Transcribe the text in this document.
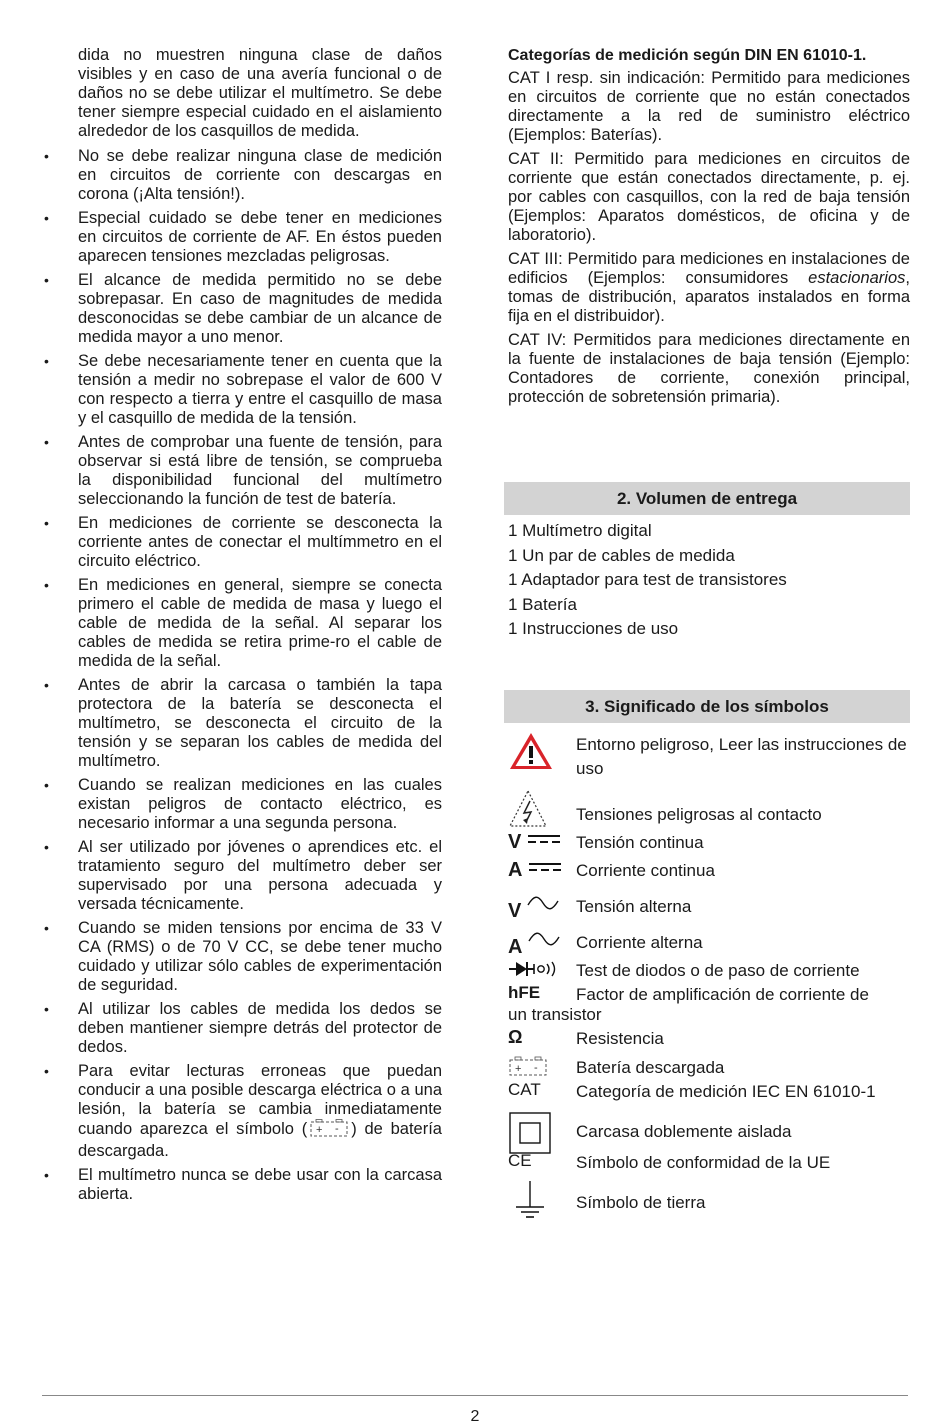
dida no muestren ninguna clase de daños visibles y en caso de una avería funcional o de daños no se debe utilizar el multímetro. Se debe tener siempre especial cuidado en el aislamiento alrededor de los casquillos de medida.

• No se debe realizar ninguna clase de medición en circuitos de corriente con descargas en corona (¡Alta tensión!).
• Especial cuidado se debe tener en mediciones en circuitos de corriente de AF. En éstos pueden aparecen tensiones mezcladas peligrosas.
• El alcance de medida permitido no se debe sobrepasar. En caso de magnitudes de medida desconocidas se debe cambiar de un alcance de medida mayor a uno menor.
• Se debe necesariamente tener en cuenta que la tensión a medir no sobrepase el valor de 600 V con respecto a tierra y entre el casquillo de masa y el casquillo de medida de la tensión.
• Antes de comprobar una fuente de tensión, para observar si está libre de tensión, se comprueba la disponibilidad funcional del multímetro seleccionando la función de test de batería.
• En mediciones de corriente se desconecta la corriente antes de conectar el multímmetro en el circuito eléctrico.
• En mediciones en general, siempre se conecta primero el cable de medida de masa y luego el cable de medida de la señal. Al separar los cables de medida se retira prime-ro el cable de medida de la señal.
• Antes de abrir la carcasa o también la tapa protectora de la batería se desconecta el multímetro, se desconecta el circuito de la tensión y se separan los cables de medida del multímetro.
• Cuando se realizan mediciones en las cuales existan peligros de contacto eléctrico, es necesario informar a una segunda persona.
• Al ser utilizado por jóvenes o aprendices etc. el tratamiento seguro del multímetro deber ser supervisado por una persona adecuada y versada técnicamente.
• Cuando se miden tensions por encima de 33 V CA (RMS) o de 70 V CC, se debe tener mucho cuidado y utilizar sólo cables de experimentación de seguridad.
• Al utilizar los cables de medida los dedos se deben mantiener siempre detrás del protector de dedos.
• Para evitar lecturas erroneas que puedan conducir a una posible descarga eléctrica o a una lesión, la batería se cambia inmediatamente cuando aparezca el símbolo ( + - ) de batería descargada.
• El multímetro nunca se debe usar con la carcasa abierta.
Categorías de medición según DIN EN 61010-1.

CAT I resp. sin indicación: Permitido para mediciones en circuitos de corriente que no están conectados directamente a la red de suministro eléctrico (Ejemplos: Baterías).

CAT II: Permitido para mediciones en circuitos de corriente que están conectados directamente, p. ej. por cables con casquillos, con la red de baja tensión (Ejemplos: Aparatos domésticos, de oficina y de laboratorio).

CAT III: Permitido para mediciones en instalaciones de edificios (Ejemplos: consumidores estacionarios, tomas de distribución, aparatos instalados en forma fija en el distribuidor).

CAT IV: Permitidos para mediciones directamente en la fuente de instalaciones de baja tensión (Ejemplo: Contadores de corriente, conexión principal, protección de sobretensión primaria).

2. Volumen de entrega
1 Multímetro digital
1 Un par de cables de medida
1 Adaptador para test de transistores
1 Batería
1 Instrucciones de uso
3. Significado de los símbolos
Entorno peligroso, Leer las instrucciones de uso
Tensiones peligrosas al contacto
V	Tensión continua
A	Corriente continua
V	Tensión alterna
A	Corriente alterna
Test de diodos o de paso de corriente
hFE	Factor de amplificación de corriente de
un transistor
Ω	Resistencia
+ - Batería descargada
CAT	Categoría de medición IEC EN 61010-1
Carcasa doblemente aislada
CE	Símbolo de conformidad de la UE
Símbolo de tierra
2
